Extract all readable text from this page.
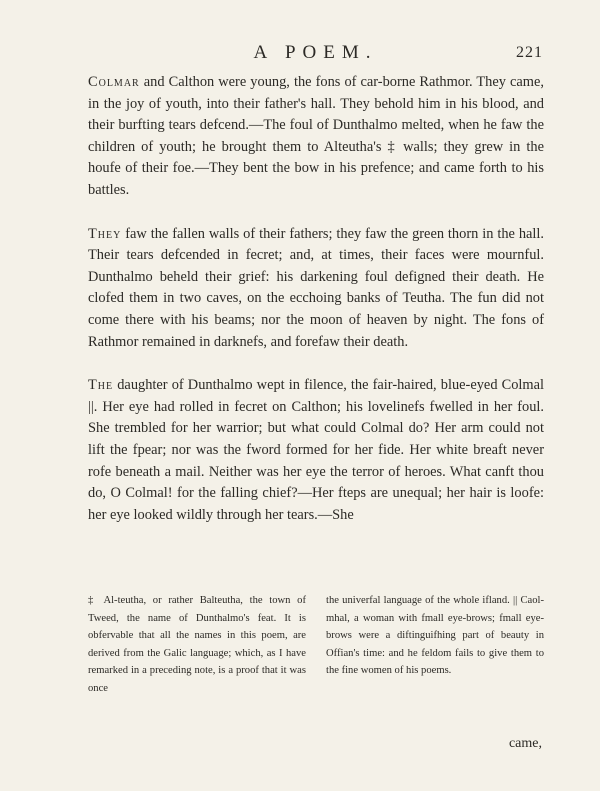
A POEM.	221

Colmar and Calthon were young, the fons of car-borne Rathmor. They came, in the joy of youth, into their father's hall. They behold him in his blood, and their burfting tears defcend.—The foul of Dunthalmo melted, when he faw the children of youth; he brought them to Alteutha's ‡ walls; they grew in the houfe of their foe.—They bent the bow in his prefence; and came forth to his battles.

They faw the fallen walls of their fathers; they faw the green thorn in the hall. Their tears defcended in fecret; and, at times, their faces were mournful. Dunthalmo beheld their grief: his darkening foul defigned their death. He clofed them in two caves, on the ecchoing banks of Teutha. The fun did not come there with his beams; nor the moon of heaven by night. The fons of Rathmor remained in darknefs, and forefaw their death.

The daughter of Dunthalmo wept in filence, the fair-haired, blue-eyed Colmal ||. Her eye had rolled in fecret on Calthon; his lovelinefs fwelled in her foul. She trembled for her warrior; but what could Colmal do? Her arm could not lift the fpear; nor was the fword formed for her fide. Her white breaft never rofe beneath a mail. Neither was her eye the terror of heroes. What canft thou do, O Colmal! for the falling chief?—Her fteps are unequal; her hair is loofe: her eye looked wildly through her tears.—She

‡ Al-teutha, or rather Balteutha, the town of Tweed, the name of Dunthalmo's feat. It is obfervable that all the names in this poem, are derived from the Galic language; which, as I have remarked in a preceding note, is a proof that it was once
the univerfal language of the whole ifland. || Caol-mhal, a woman with fmall eye-brows; fmall eye-brows were a diftinguifhing part of beauty in Offian's time: and he feldom fails to give them to the fine women of his poems.
came,
